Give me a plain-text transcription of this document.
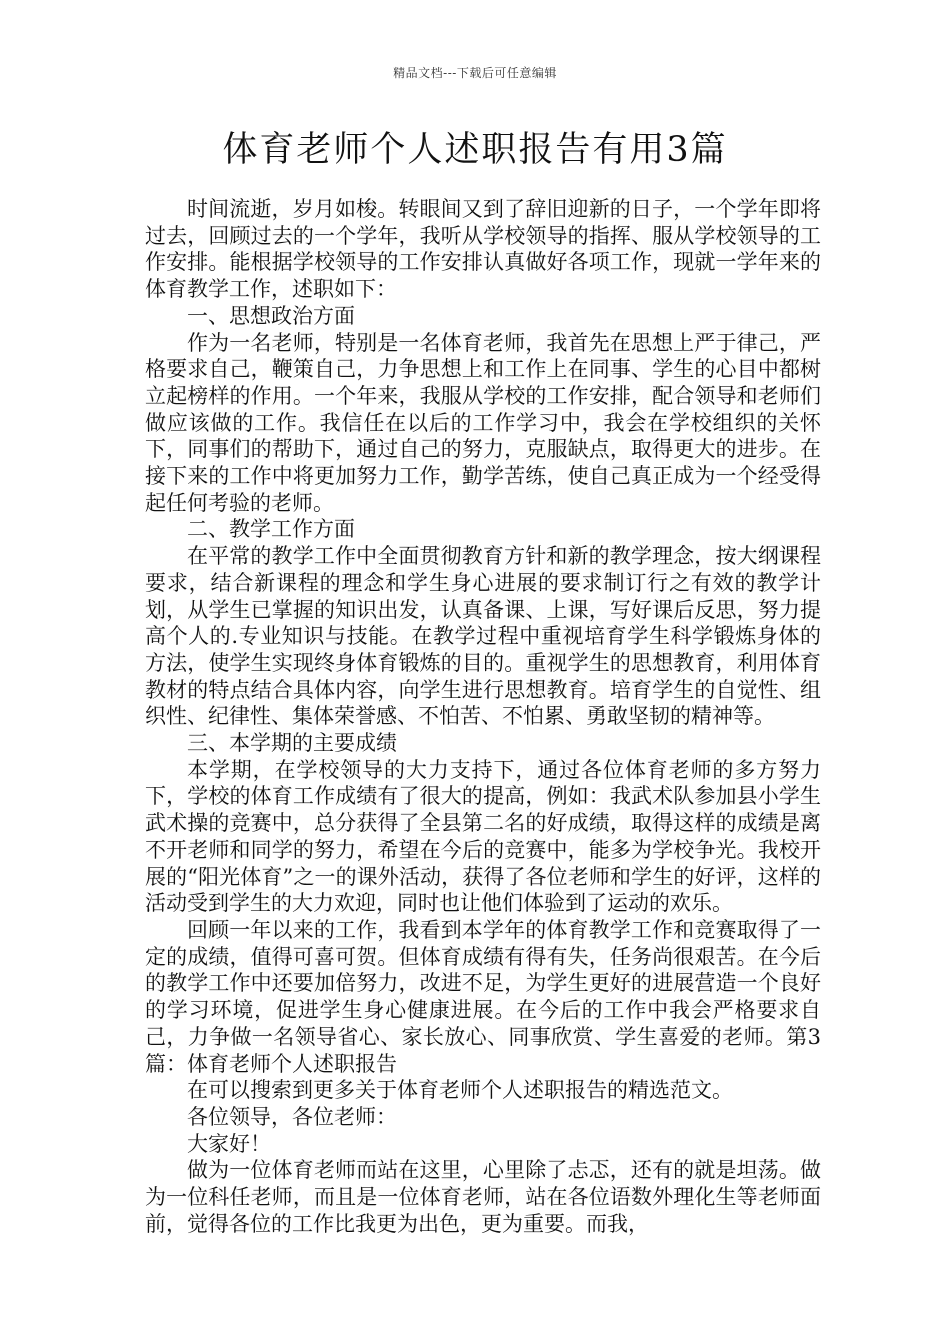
精品文档---下载后可任意编辑
体育老师个人述职报告有用3篇

时间流逝，岁月如梭。转眼间又到了辞旧迎新的日子，一个学年即将过去，回顾过去的一个学年，我听从学校领导的指挥、服从学校领导的工作安排。能根据学校领导的工作安排认真做好各项工作，现就一学年来的体育教学工作，述职如下：

一、思想政治方面

作为一名老师，特别是一名体育老师，我首先在思想上严于律己，严格要求自己，鞭策自己，力争思想上和工作上在同事、学生的心目中都树立起榜样的作用。一个年来，我服从学校的工作安排，配合领导和老师们做应该做的工作。我信任在以后的工作学习中，我会在学校组织的关怀下，同事们的帮助下，通过自己的努力，克服缺点，取得更大的进步。在接下来的工作中将更加努力工作，勤学苦练，使自己真正成为一个经受得起任何考验的老师。

二、教学工作方面

在平常的教学工作中全面贯彻教育方针和新的教学理念，按大纲课程要求，结合新课程的理念和学生身心进展的要求制订行之有效的教学计划，从学生已掌握的知识出发，认真备课、上课，写好课后反思，努力提高个人的.专业知识与技能。在教学过程中重视培育学生科学锻炼身体的方法，使学生实现终身体育锻炼的目的。重视学生的思想教育，利用体育教材的特点结合具体内容，向学生进行思想教育。培育学生的自觉性、组织性、纪律性、集体荣誉感、不怕苦、不怕累、勇敢坚韧的精神等。

三、本学期的主要成绩

本学期，在学校领导的大力支持下，通过各位体育老师的多方努力下，学校的体育工作成绩有了很大的提高，例如：我武术队参加县小学生武术操的竞赛中，总分获得了全县第二名的好成绩，取得这样的成绩是离不开老师和同学的努力，希望在今后的竞赛中，能多为学校争光。我校开展的“阳光体育”之一的课外活动，获得了各位老师和学生的好评，这样的活动受到学生的大力欢迎，同时也让他们体验到了运动的欢乐。

回顾一年以来的工作，我看到本学年的体育教学工作和竞赛取得了一定的成绩，值得可喜可贺。但体育成绩有得有失，任务尚很艰苦。在今后的教学工作中还要加倍努力，改进不足，为学生更好的进展营造一个良好的学习环境，促进学生身心健康进展。在今后的工作中我会严格要求自己，力争做一名领导省心、家长放心、同事欣赏、学生喜爱的老师。第3篇：体育老师个人述职报告

在可以搜索到更多关于体育老师个人述职报告的精选范文。

各位领导，各位老师：

大家好！

做为一位体育老师而站在这里，心里除了忐忑，还有的就是坦荡。做为一位科任老师，而且是一位体育老师，站在各位语数外理化生等老师面前，觉得各位的工作比我更为出色，更为重要。而我，
